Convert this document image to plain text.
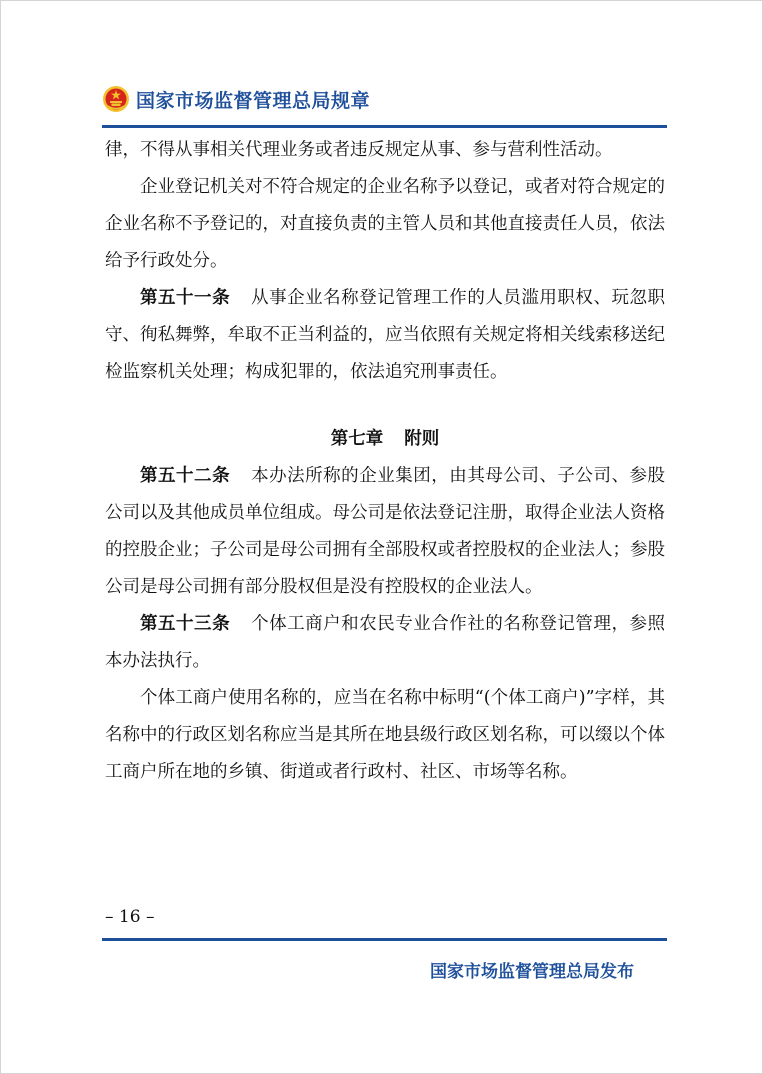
国家市场监督管理总局规章

律，不得从事相关代理业务或者违反规定从事、参与营利性活动。

企业登记机关对不符合规定的企业名称予以登记，或者对符合规定的企业名称不予登记的，对直接负责的主管人员和其他直接责任人员，依法给予行政处分。

第五十一条 从事企业名称登记管理工作的人员滥用职权、玩忽职守、徇私舞弊，牟取不正当利益的，应当依照有关规定将相关线索移送纪检监察机关处理；构成犯罪的，依法追究刑事责任。

第七章 附则

第五十二条 本办法所称的企业集团，由其母公司、子公司、参股公司以及其他成员单位组成。母公司是依法登记注册，取得企业法人资格的控股企业；子公司是母公司拥有全部股权或者控股权的企业法人；参股公司是母公司拥有部分股权但是没有控股权的企业法人。

第五十三条 个体工商户和农民专业合作社的名称登记管理，参照本办法执行。

个体工商户使用名称的，应当在名称中标明“(个体工商户)”字样，其名称中的行政区划名称应当是其所在地县级行政区划名称，可以缀以个体工商户所在地的乡镇、街道或者行政村、社区、市场等名称。

– 16 –
国家市场监督管理总局发布
